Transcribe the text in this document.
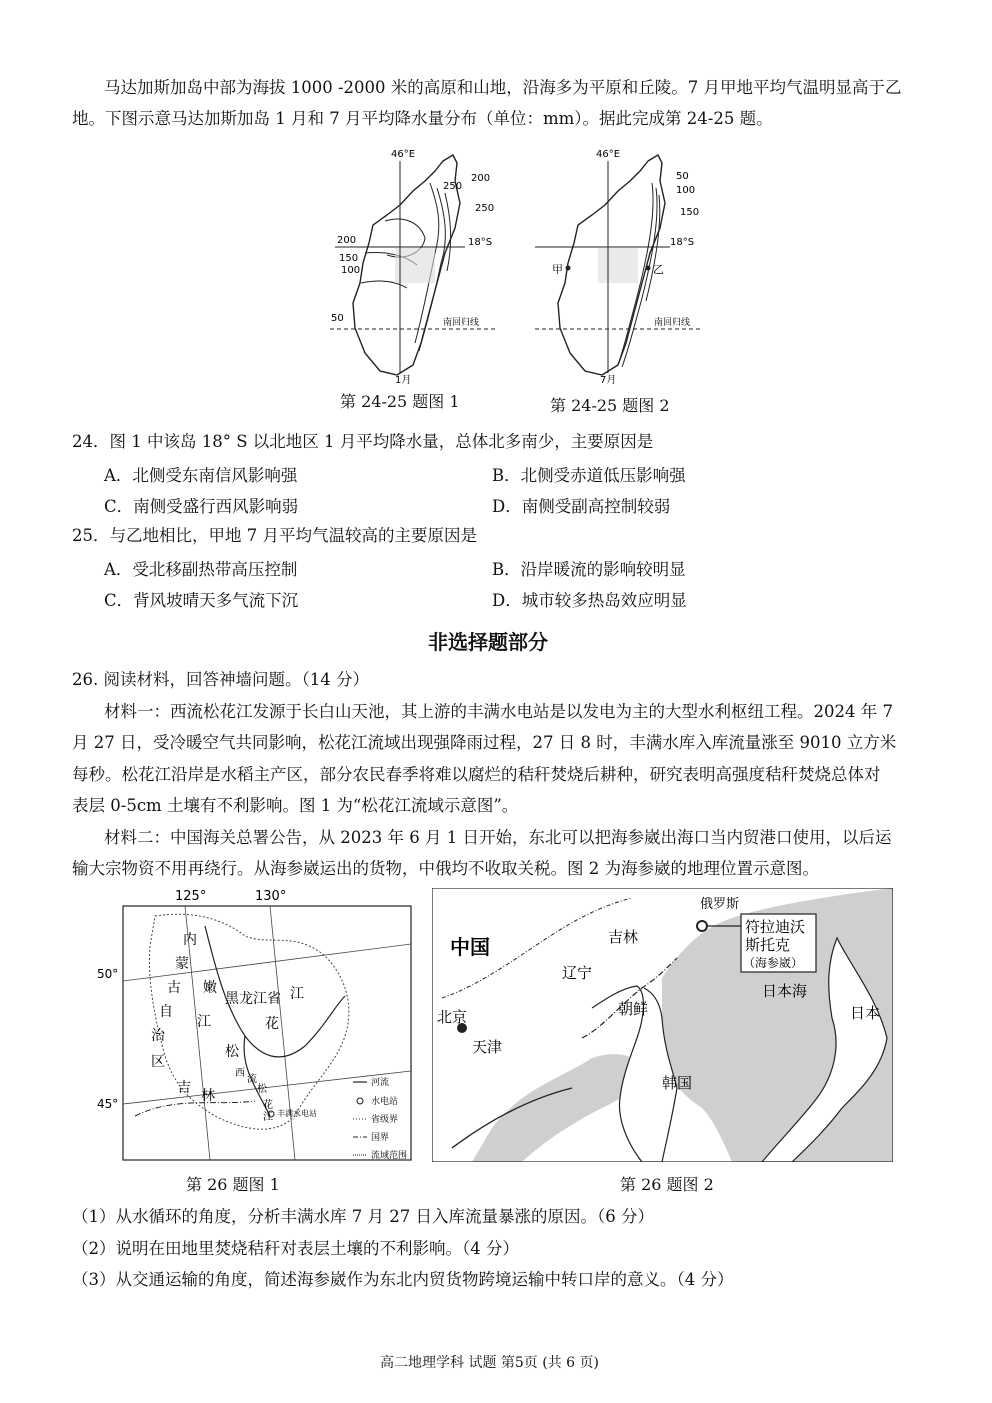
马达加斯加岛中部为海拔 1000 -2000 米的高原和山地，沿海多为平原和丘陵。7 月甲地平均气温明显高于乙
地。下图示意马达加斯加岛 1 月和 7 月平均降水量分布（单位：mm）。据此完成第 24-25 题。
46°E
200
250
250
200
150
100
50
18°S
南回归线
1月
第 24-25 题图 1
46°E
50
100
150
18°S
甲	乙
南回归线
7月
第 24-25 题图 2
24．图 1 中该岛 18° S 以北地区 1 月平均降水量，总体北多南少，主要原因是
A．北侧受东南信风影响强	B．北侧受赤道低压影响强
C．南侧受盛行西风影响弱	D．南侧受副高控制较弱
25．与乙地相比，甲地 7 月平均气温较高的主要原因是
A．受北移副热带高压控制	B．沿岸暖流的影响较明显
C．背风坡晴天多气流下沉	D．城市较多热岛效应明显
非选择题部分
26. 阅读材料，回答神墙问题。（14 分）
材料一：西流松花江发源于长白山天池，其上游的丰满水电站是以发电为主的大型水利枢纽工程。2024 年 7
月 27 日，受冷暖空气共同影响，松花江流域出现强降雨过程，27 日 8 时，丰满水库入库流量涨至 9010 立方米
每秒。松花江沿岸是水稻主产区，部分农民春季将难以腐烂的秸秆焚烧后耕种，研究表明高强度秸秆焚烧总体对
表层 0-5cm 土壤有不利影响。图 1 为“松花江流域示意图”。
材料二：中国海关总署公告，从 2023 年 6 月 1 日开始，东北可以把海参崴出海口当内贸港口使用，以后运
输大宗物资不用再绕行。从海参崴运出的货物，中俄均不收取关税。图 2 为海参崴的地理位置示意图。
125°	130°
50°
45°
内
蒙
古
自
治
区
嫩
江
黑龙江省 江
松
花
吉 林
西
流
松
花
江 丰满水电站
河流
水电站
省级界
国界
流域范围
第 26 题图 1
中国
俄罗斯
吉林
辽宁
北京
天津
朝鲜
韩国
日本海
日本
符拉迪沃
斯托克
（海参崴）
第 26 题图 2
（1）从水循环的角度，分析丰满水库 7 月 27 日入库流量暴涨的原因。（6 分）
（2）说明在田地里焚烧秸秆对表层土壤的不利影响。（4 分）
（3）从交通运输的角度，简述海参崴作为东北内贸货物跨境运输中转口岸的意义。（4 分）
高二地理学科 试题 第5页 (共 6 页)
